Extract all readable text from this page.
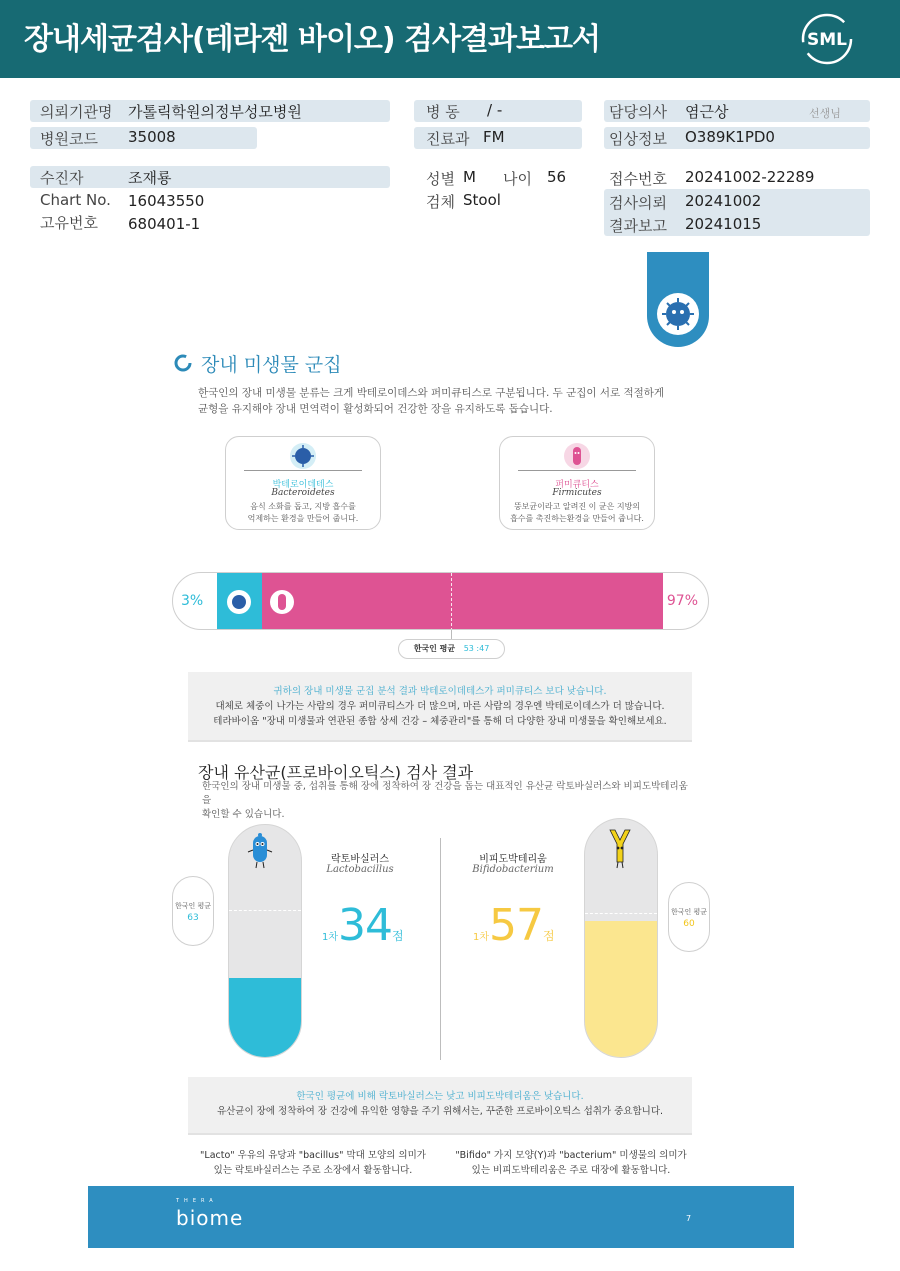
장내세균검사(테라젠 바이오) 검사결과보고서	SML
의뢰기관명 가톨릭학원의정부성모병원
병원코드 35008
병 동 / -
진료과 FM
담당의사 염근상	선생님
임상정보 O389K1PD0
수진자	조재룡
Chart No. 16043550
고유번호 680401-1
성별 M 나이 56
검체 Stool
접수번호 20241002-22289
검사의뢰 20241002
결과보고 20241015
장내 미생물 군집
한국인의 장내 미생물 분류는 크게 박테로이데스와 퍼미큐티스로 구분됩니다. 두 군집이 서로 적절하게
균형을 유지해야 장내 면역력이 활성화되어 건강한 장을 유지하도록 돕습니다.
박테로이데테스
Bacteroidetes
음식 소화를 돕고, 지방 흡수를
억제하는 환경을 만들어 줍니다.
퍼미큐티스
Firmicutes
뚱보균이라고 알려진 이 균은 지방의
흡수를 촉진하는환경을 만들어 줍니다.
3%	97%
한국인 평균 53 :47
귀하의 장내 미생물 군집 분석 결과 박테로이데테스가 퍼미큐티스 보다 낮습니다.
대체로 체중이 나가는 사람의 경우 퍼미큐티스가 더 많으며, 마른 사람의 경우엔 박테로이데스가 더 많습니다.
테라바이옴 "장내 미생물과 연관된 종합 상세 건강 – 체중관리"를 통해 더 다양한 장내 미생물을 확인해보세요.
장내 유산균(프로바이오틱스) 검사 결과
한국인의 장내 미생물 중, 섭취를 통해 장에 정착하여 장 건강을 돕는 대표적인 유산균 락토바실러스와 비피도박테리움을
확인할 수 있습니다.
한국인 평균
63
락토바실러스
Lactobacillus
1차34점
한국인 평균
60
비피도박테리움
Bifidobacterium
1차57점
한국인 평균에 비해 락토바실러스는 낮고 비피도박테리움은 낮습니다.
유산균이 장에 정착하여 장 건강에 유익한 영향을 주기 위해서는, 꾸준한 프로바이오틱스 섭취가 중요합니다.
"Lacto" 우유의 유당과 "bacillus" 막대 모양의 의미가
있는 락토바실러스는 주로 소장에서 활동합니다.
"Bifido" 가지 모양(Y)과 "bacterium" 미생물의 의미가
있는 비피도박테리움은 주로 대장에 활동합니다.
THERA
biome	7
